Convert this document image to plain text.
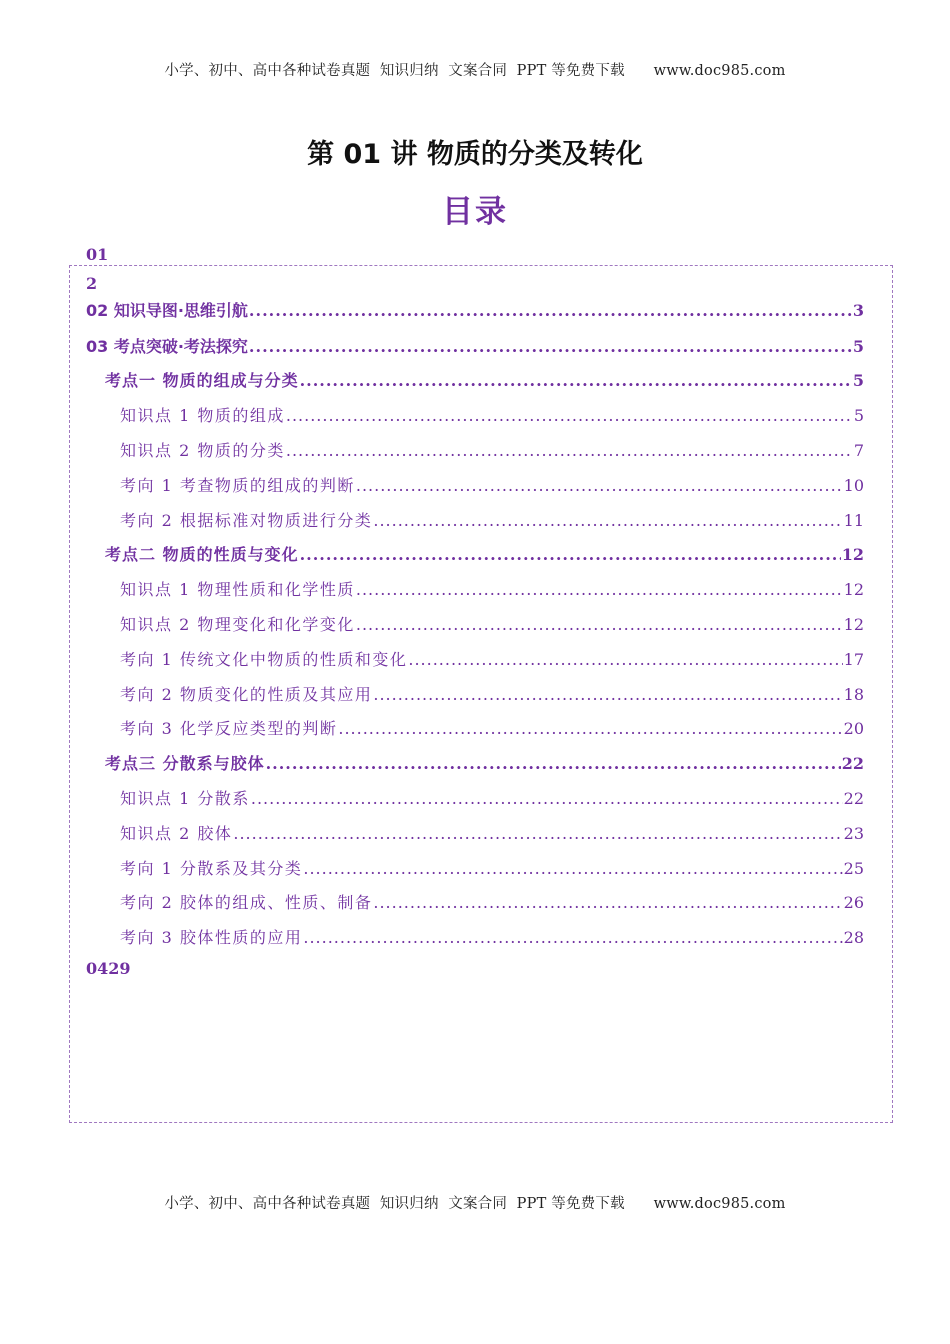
小学、初中、高中各种试卷真题  知识归纳  文案合同  PPT 等免费下载      www.doc985.com
第 01 讲 物质的分类及转化
目录
01
2
02 知识导图·思维引航 .....	3
03 考点突破·考法探究 .....	5
考点一 物质的组成与分类 .....	5
知识点 1 物质的组成 .....	5
知识点 2 物质的分类 .....	7
考向 1 考查物质的组成的判断 .....	10
考向 2 根据标准对物质进行分类 .....	11
考点二 物质的性质与变化 .....	12
知识点 1 物理性质和化学性质 .....	12
知识点 2 物理变化和化学变化 .....	12
考向 1 传统文化中物质的性质和变化 .....	17
考向 2 物质变化的性质及其应用 .....	18
考向 3 化学反应类型的判断 .....	20
考点三 分散系与胶体 .....	22
知识点 1 分散系 .....	22
知识点 2 胶体 .....	23
考向 1 分散系及其分类 .....	25
考向 2 胶体的组成、性质、制备 .....	26
考向 3 胶体性质的应用 .....	28
0429
小学、初中、高中各种试卷真题  知识归纳  文案合同  PPT 等免费下载      www.doc985.com
